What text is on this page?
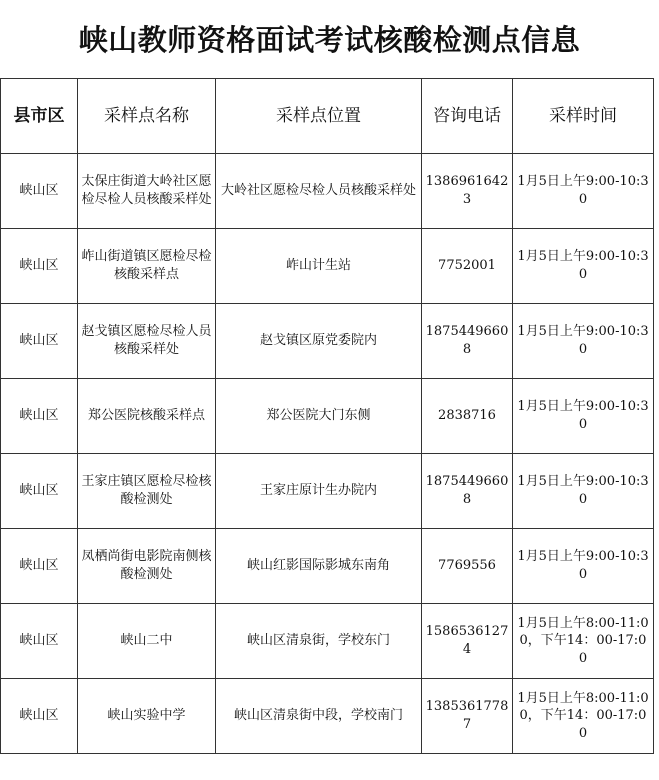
峡山教师资格面试考试核酸检测点信息
县市区	采样点名称	采样点位置	咨询电话	采样时间
峡山区	太保庄街道大岭社区愿检尽检人员核酸采样处	大岭社区愿检尽检人员核酸采样处	13869616423	1月5日上午9:00-10:30
峡山区	岞山街道镇区愿检尽检核酸采样点	岞山计生站	7752001	1月5日上午9:00-10:30
峡山区	赵戈镇区愿检尽检人员核酸采样处	赵戈镇区原党委院内	18754496608	1月5日上午9:00-10:30
峡山区	郑公医院核酸采样点	郑公医院大门东侧	2838716	1月5日上午9:00-10:30
峡山区	王家庄镇区愿检尽检核酸检测处	王家庄原计生办院内	18754496608	1月5日上午9:00-10:30
峡山区	凤栖尚街电影院南侧核酸检测处	峡山红影国际影城东南角	7769556	1月5日上午9:00-10:30
峡山区	峡山二中	峡山区清泉街，学校东门	15865361274	1月5日上午8:00-11:00，下午14：00-17:00
峡山区	峡山实验中学	峡山区清泉街中段，学校南门	13853617787	1月5日上午8:00-11:00，下午14：00-17:00
